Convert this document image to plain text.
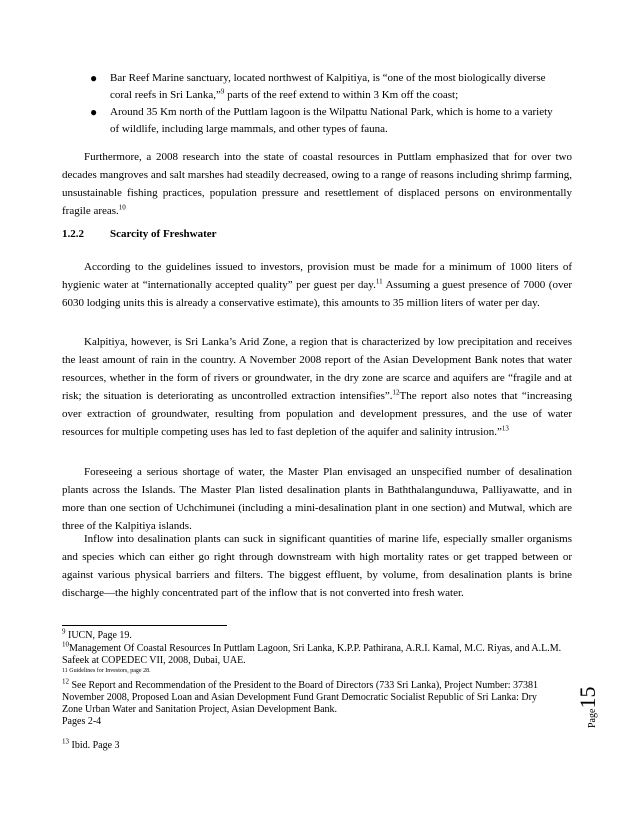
● Bar Reef Marine sanctuary, located northwest of Kalpitiya, is “one of the most biologically diverse coral reefs in Sri Lanka,”$^9$ parts of the reef extend to within 3 Km off the coast;
● Around 35 Km north of the Puttlam lagoon is the Wilpattu National Park, which is home to a variety of wildlife, including large mammals, and other types of fauna.

Furthermore, a 2008 research into the state of coastal resources in Puttlam emphasized that for over two decades mangroves and salt marshes had steadily decreased, owing to a range of reasons including shrimp farming, unsustainable fishing practices, population pressure and resettlement of displaced persons on environmentally fragile areas.$^{10}$

1.2.2 Scarcity of Freshwater

According to the guidelines issued to investors, provision must be made for a minimum of 1000 liters of hygienic water at “internationally accepted quality” per guest per day.$^{11}$ Assuming a guest presence of 7000 (over 6030 lodging units this is already a conservative estimate), this amounts to 35 million liters of water per day.

Kalpitiya, however, is Sri Lanka’s Arid Zone, a region that is characterized by low precipitation and receives the least amount of rain in the country. A November 2008 report of the Asian Development Bank notes that water resources, whether in the form of rivers or groundwater, in the dry zone are scarce and aquifers are “fragile and at risk; the situation is deteriorating as uncontrolled extraction intensifies”.$^{12}$The report also notes that “increasing over extraction of groundwater, resulting from population and development pressures, and the use of water resources for multiple competing uses has led to fast depletion of the aquifer and salinity intrusion.”$^{13}$

Foreseeing a serious shortage of water, the Master Plan envisaged an unspecified number of desalination plants across the Islands. The Master Plan listed desalination plants in Baththalangunduwa, Palliyawatte, and in more than one section of Uchchimunei (including a mini-desalination plant in one section) and Mutwal, which are three of the Kalpitiya islands.

Inflow into desalination plants can suck in significant quantities of marine life, especially smaller organisms and species which can either go right through downstream with high mortality rates or get trapped between or against various physical barriers and filters. The biggest effluent, by volume, from desalination plants is brine discharge—the highly concentrated part of the inflow that is not converted into fresh water.

$^9$ IUCN, Page 19.

$^{10}$Management Of Coastal Resources In Puttlam Lagoon, Sri Lanka, K.P.P. Pathirana, A.R.I. Kamal, M.C. Riyas, and A.L.M. Safeek at COPEDEC VII, 2008, Dubai, UAE.

11 Guidelines for Investors, page 28.

$^{12}$ See Report and Recommendation of the President to the Board of Directors (733 Sri Lanka), Project Number: 37381 November 2008, Proposed Loan and Asian Development Fund Grant Democratic Socialist Republic of Sri Lanka: Dry Zone Urban Water and Sanitation Project, Asian Development Bank.
Pages 2-4

$^{13}$ Ibid. Page 3

Page15
